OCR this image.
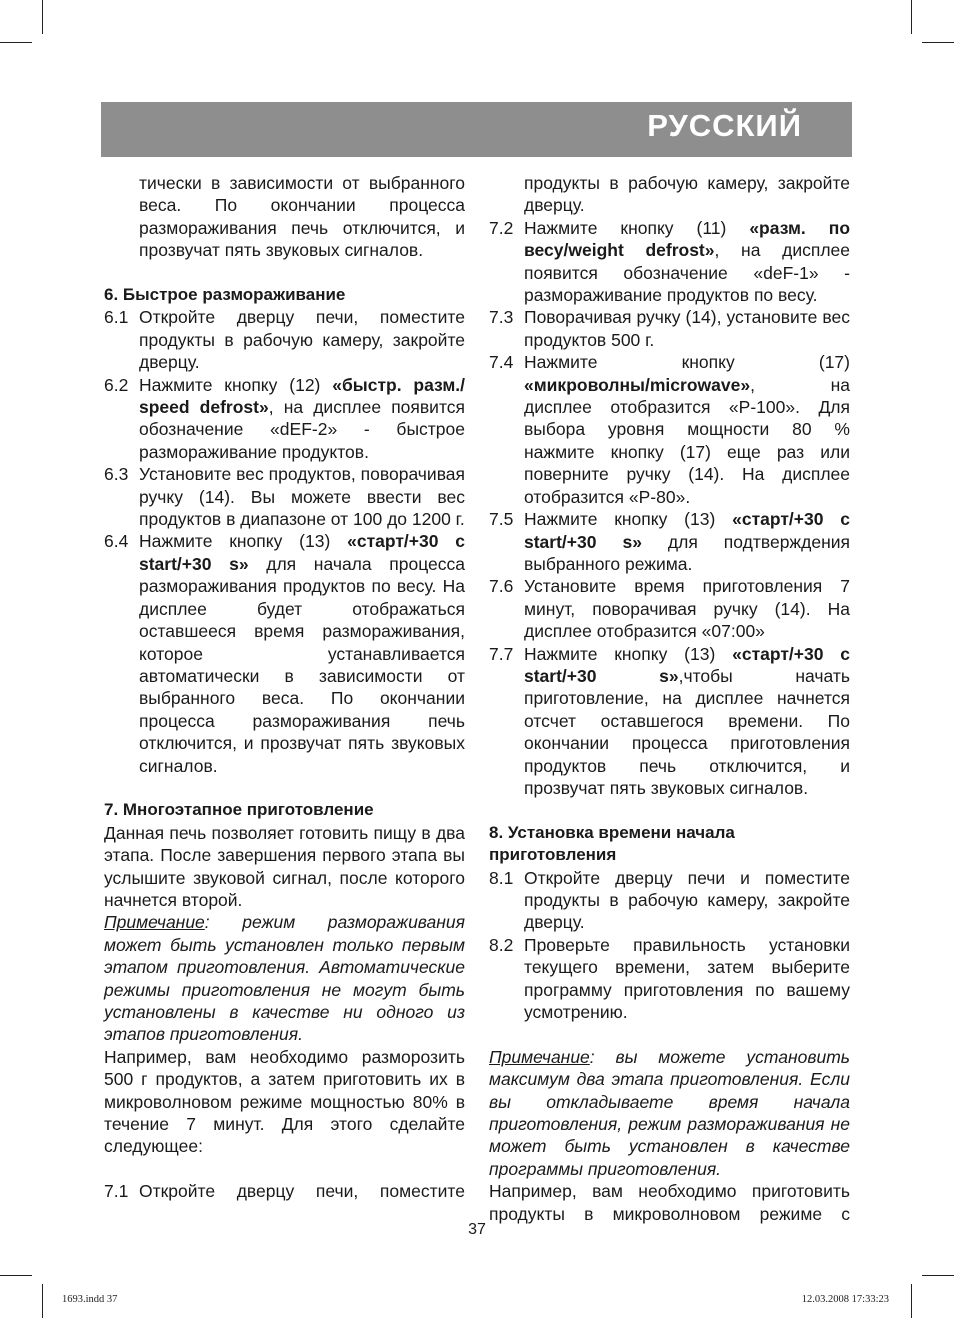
РУССКИЙ
тически в зависимости от выбранного веса. По окончании процесса размораживания печь отключится, и прозвучат пять звуковых сигналов.
6. Быстрое размораживание
6.1 Откройте дверцу печи, поместите продукты в рабочую камеру, закройте дверцу.
6.2 Нажмите кнопку (12) «быстр. разм./ speed defrost», на дисплее появится обозначение «dEF-2» - быстрое размораживание продуктов.
6.3 Установите вес продуктов, поворачивая ручку (14). Вы можете ввести вес продуктов в диапазоне от 100 до 1200 г.
6.4 Нажмите кнопку (13) «старт/+30 с start/+30 s» для начала процесса размораживания продуктов по весу. На дисплее будет отображаться оставшееся время размораживания, которое устанавливается автоматически в зависимости от выбранного веса. По окончании процесса размораживания печь отключится, и прозвучат пять звуковых сигналов.
7. Многоэтапное приготовление
Данная печь позволяет готовить пищу в два этапа. После завершения первого этапа вы услышите звуковой сигнал, после которого начнется второй.
Примечание: режим размораживания может быть установлен только первым этапом приготовления. Автоматические режимы приготовления не могут быть установлены в качестве ни одного из этапов приготовления.
Например, вам необходимо разморозить 500 г продуктов, а затем приготовить их в микроволновом режиме мощностью 80% в течение 7 минут. Для этого сделайте следующее:
7.1 Откройте дверцу печи, поместите
продукты в рабочую камеру, закройте дверцу.
7.2 Нажмите кнопку (11) «разм. по весу/weight defrost», на дисплее появится обозначение «deF-1» - размораживание продуктов по весу.
7.3 Поворачивая ручку (14), установите вес продуктов 500 г.
7.4 Нажмите кнопку (17) «микроволны/microwave», на дисплее отобразится «P-100». Для выбора уровня мощности 80 % нажмите кнопку (17) еще раз или поверните ручку (14). На дисплее отобразится «P-80».
7.5 Нажмите кнопку (13) «старт/+30 с start/+30 s» для подтверждения выбранного режима.
7.6 Установите время приготовления 7 минут, поворачивая ручку (14). На дисплее отобразится «07:00»
7.7 Нажмите кнопку (13) «старт/+30 с start/+30 s»,чтобы начать приготовление, на дисплее начнется отсчет оставшегося времени. По окончании процесса приготовления продуктов печь отключится, и прозвучат пять звуковых сигналов.
8. Установка времени начала приготовления
8.1 Откройте дверцу печи и поместите продукты в рабочую камеру, закройте дверцу.
8.2 Проверьте правильность установки текущего времени, затем выберите программу приготовления по вашему усмотрению.
Примечание: вы можете установить максимум два этапа приготовления. Если вы откладываете время начала приготовления, режим размораживания не может быть установлен в качестве программы приготовления.
Например, вам необходимо приготовить продукты в микроволновом режиме с
37
1693.indd 37	12.03.2008 17:33:23
